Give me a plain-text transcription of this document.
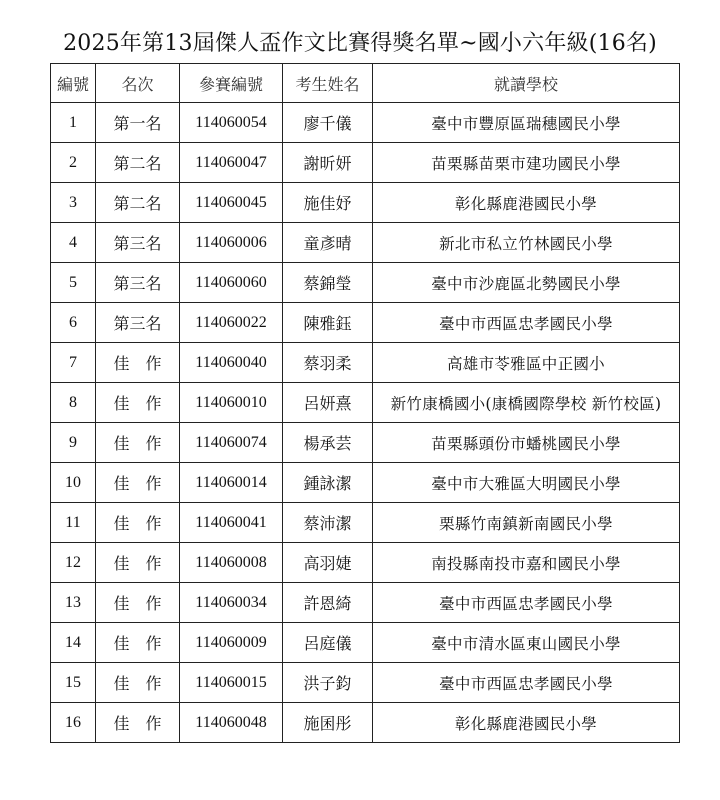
2025年第13屆傑人盃作文比賽得獎名單~國小六年級(16名)
編號	名次	參賽編號	考生姓名	就讀學校
1	第一名	114060054	廖千儀	臺中市豐原區瑞穗國民小學
2	第二名	114060047	謝昕妍	苗栗縣苗栗市建功國民小學
3	第二名	114060045	施佳妤	彰化縣鹿港國民小學
4	第三名	114060006	童彥晴	新北市私立竹林國民小學
5	第三名	114060060	蔡錦瑩	臺中市沙鹿區北勢國民小學
6	第三名	114060022	陳雅鈺	臺中市西區忠孝國民小學
7	佳　作	114060040	蔡羽柔	高雄市苓雅區中正國小
8	佳　作	114060010	呂妍熹	新竹康橋國小(康橋國際學校 新竹校區)
9	佳　作	114060074	楊承芸	苗栗縣頭份市蟠桃國民小學
10	佳　作	114060014	鍾詠潔	臺中市大雅區大明國民小學
11	佳　作	114060041	蔡沛潔	栗縣竹南鎮新南國民小學
12	佳　作	114060008	高羽婕	南投縣南投市嘉和國民小學
13	佳　作	114060034	許恩綺	臺中市西區忠孝國民小學
14	佳　作	114060009	呂庭儀	臺中市清水區東山國民小學
15	佳　作	114060015	洪子鈞	臺中市西區忠孝國民小學
16	佳　作	114060048	施囷彤	彰化縣鹿港國民小學
